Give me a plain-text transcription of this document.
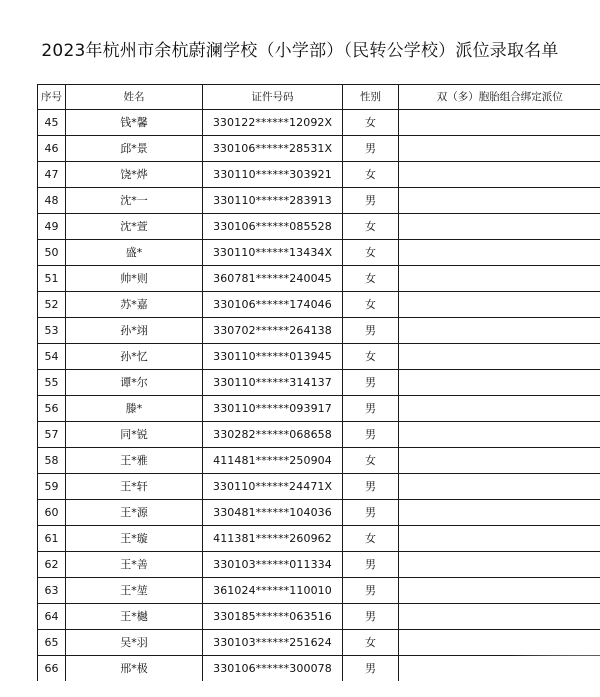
2023年杭州市余杭蔚澜学校（小学部）（民转公学校）派位录取名单
序号	姓名	证件号码	性别	双（多）胞胎组合绑定派位
45	钱*馨	330122******12092X	女	
46	邱*景	330106******28531X	男	
47	饶*烨	330110******303921	女	
48	沈*一	330110******283913	男	
49	沈*萱	330106******085528	女	
50	盛*	330110******13434X	女	
51	帅*则	360781******240045	女	
52	苏*嘉	330106******174046	女	
53	孙*翊	330702******264138	男	
54	孙*忆	330110******013945	女	
55	谭*尔	330110******314137	男	
56	滕*	330110******093917	男	
57	同*锐	330282******068658	男	
58	王*雅	411481******250904	女	
59	王*轩	330110******24471X	男	
60	王*源	330481******104036	男	
61	王*璇	411381******260962	女	
62	王*善	330103******011334	男	
63	王*堃	361024******110010	男	
64	王*樾	330185******063516	男	
65	吴*羽	330103******251624	女	
66	邢*极	330106******300078	男	
